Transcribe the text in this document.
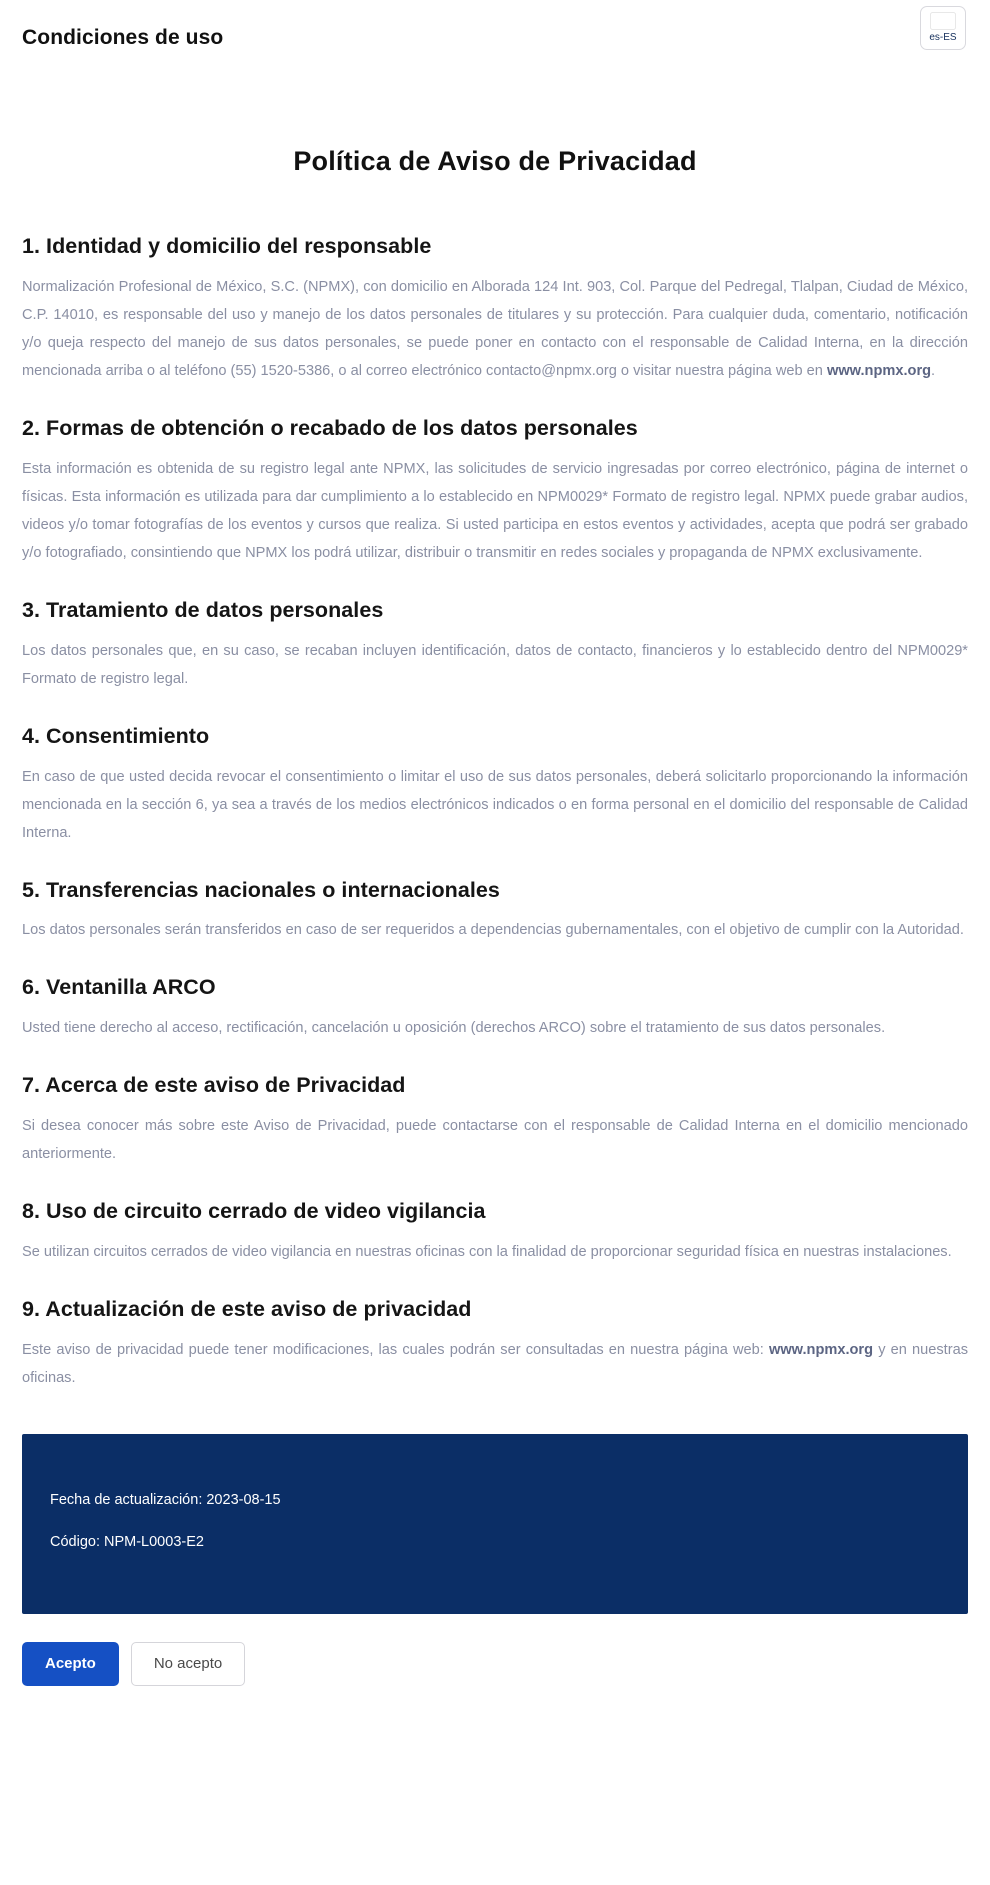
Condiciones de uso	es-ES
Política de Aviso de Privacidad
1. Identidad y domicilio del responsable

Normalización Profesional de México, S.C. (NPMX), con domicilio en Alborada 124 Int. 903, Col. Parque del Pedregal, Tlalpan, Ciudad de México, C.P. 14010, es responsable del uso y manejo de los datos personales de titulares y su protección. Para cualquier duda, comentario, notificación y/o queja respecto del manejo de sus datos personales, se puede poner en contacto con el responsable de Calidad Interna, en la dirección mencionada arriba o al teléfono (55) 1520-5386, o al correo electrónico contacto@npmx.org o visitar nuestra página web en www.npmx.org.

2. Formas de obtención o recabado de los datos personales

Esta información es obtenida de su registro legal ante NPMX, las solicitudes de servicio ingresadas por correo electrónico, página de internet o físicas. Esta información es utilizada para dar cumplimiento a lo establecido en NPM0029* Formato de registro legal. NPMX puede grabar audios, videos y/o tomar fotografías de los eventos y cursos que realiza. Si usted participa en estos eventos y actividades, acepta que podrá ser grabado y/o fotografiado, consintiendo que NPMX los podrá utilizar, distribuir o transmitir en redes sociales y propaganda de NPMX exclusivamente.

3. Tratamiento de datos personales

Los datos personales que, en su caso, se recaban incluyen identificación, datos de contacto, financieros y lo establecido dentro del NPM0029* Formato de registro legal.

4. Consentimiento

En caso de que usted decida revocar el consentimiento o limitar el uso de sus datos personales, deberá solicitarlo proporcionando la información mencionada en la sección 6, ya sea a través de los medios electrónicos indicados o en forma personal en el domicilio del responsable de Calidad Interna.

5. Transferencias nacionales o internacionales

Los datos personales serán transferidos en caso de ser requeridos a dependencias gubernamentales, con el objetivo de cumplir con la Autoridad.

6. Ventanilla ARCO

Usted tiene derecho al acceso, rectificación, cancelación u oposición (derechos ARCO) sobre el tratamiento de sus datos personales.

7. Acerca de este aviso de Privacidad

Si desea conocer más sobre este Aviso de Privacidad, puede contactarse con el responsable de Calidad Interna en el domicilio mencionado anteriormente.

8. Uso de circuito cerrado de video vigilancia

Se utilizan circuitos cerrados de video vigilancia en nuestras oficinas con la finalidad de proporcionar seguridad física en nuestras instalaciones.

9. Actualización de este aviso de privacidad

Este aviso de privacidad puede tener modificaciones, las cuales podrán ser consultadas en nuestra página web: www.npmx.org y en nuestras oficinas.

Fecha de actualización: 2023-08-15

Código: NPM-L0003-E2

Acepto	No acepto
